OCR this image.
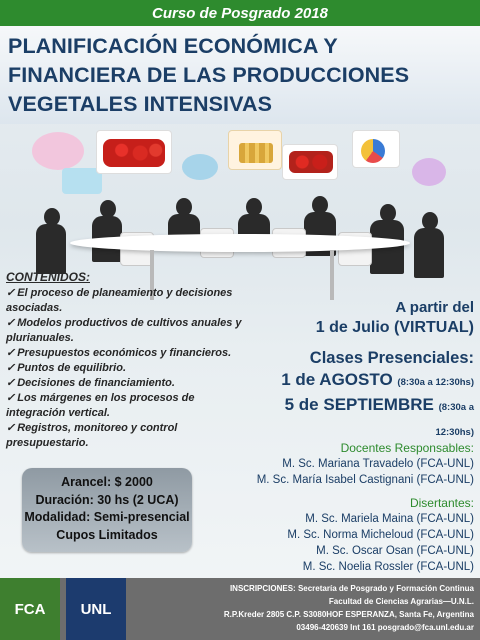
Curso de Posgrado 2018
PLANIFICACIÓN ECONÓMICA Y
FINANCIERA DE LAS PRODUCCIONES
VEGETALES INTENSIVAS
CONTENIDOS:
✓ El proceso de planeamiento y decisiones asociadas.
✓ Modelos productivos de cultivos anuales y plurianuales.
✓ Presupuestos económicos y financieros.
✓ Puntos de equilibrio.
✓ Decisiones de financiamiento.
✓ Los márgenes en los procesos de integración vertical.
✓ Registros, monitoreo y control presupuestario.
A partir del
1 de Julio (VIRTUAL)
Clases Presenciales:
1 de AGOSTO (8:30a a 12:30hs)
5 de SEPTIEMBRE (8:30a a 12:30hs)
Docentes Responsables:
M. Sc. Mariana Travadelo (FCA-UNL)
M. Sc. María Isabel Castignani (FCA-UNL)
Disertantes:
M. Sc. Mariela Maina (FCA-UNL)
M. Sc. Norma Micheloud (FCA-UNL)
M. Sc. Oscar Osan (FCA-UNL)
M. Sc. Noelia Rossler (FCA-UNL)
Arancel: $ 2000
Duración: 30 hs (2 UCA)
Modalidad: Semi-presencial
Cupos Limitados
FCA UNL
INSCRIPCIONES: Secretaría de Posgrado y Formación Continua
Facultad de Ciencias Agrarias—U.N.L.
R.P.Kreder 2805 C.P. S3080HOF ESPERANZA, Santa Fe, Argentina
03496-420639 Int 161 posgrado@fca.unl.edu.ar
